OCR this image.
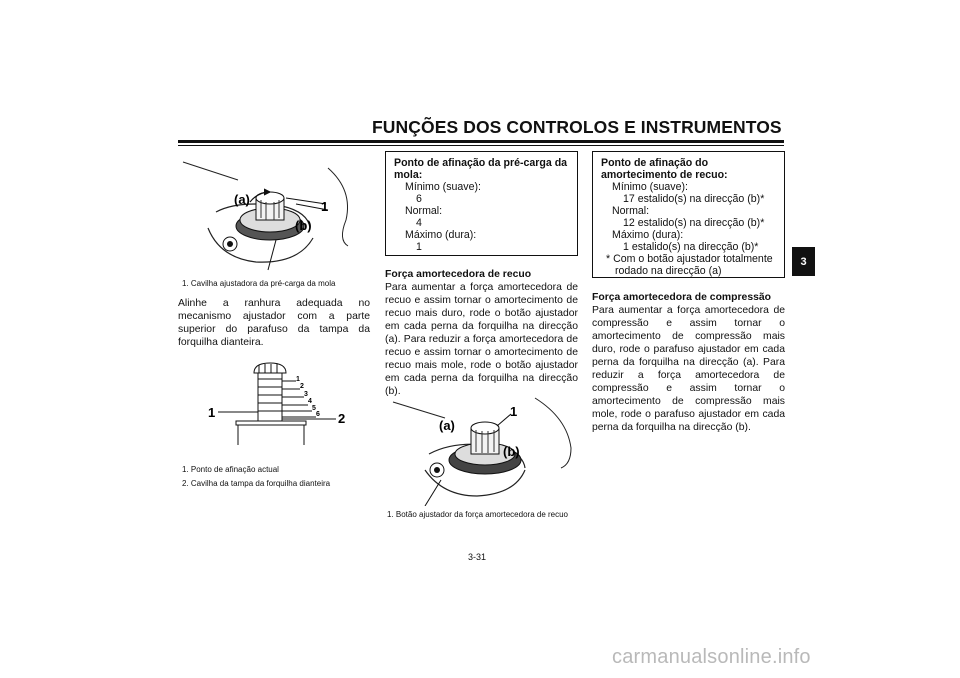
FUNÇÕES DOS CONTROLOS E INSTRUMENTOS
3
(a)	1
(b)
1. Cavilha ajustadora da pré-carga da mola
Alinhe a ranhura adequada no mecanismo ajustador com a parte superior do parafuso da tampa da forquilha dianteira.
1
2
3
4
5
6
1	2
1. Ponto de afinação actual
2. Cavilha da tampa da forquilha dianteira
Ponto de afinação da pré-carga da mola:
Mínimo (suave):
6
Normal:
4
Máximo (dura):
1
Força amortecedora de recuo
Para aumentar a força amortecedora de recuo e assim tornar o amortecimento de recuo mais duro, rode o botão ajustador em cada perna da forquilha na direcção (a). Para reduzir a força amortecedora de recuo e assim tornar o amortecimento de recuo mais mole, rode o botão ajustador em cada perna da forquilha na direcção (b).
1
(a)
(b)
1. Botão ajustador da força amortecedora de recuo
Ponto de afinação do amortecimento de recuo:
Mínimo (suave):
17 estalido(s) na direcção (b)*
Normal:
12 estalido(s) na direcção (b)*
Máximo (dura):
1 estalido(s) na direcção (b)*
* Com o botão ajustador totalmente rodado na direcção (a)
Força amortecedora de compressão
Para aumentar a força amortecedora de compressão e assim tornar o amortecimento de compressão mais duro, rode o parafuso ajustador em cada perna da forquilha na direcção (a). Para reduzir a força amortecedora de compressão e assim tornar o amortecimento de compressão mais mole, rode o parafuso ajustador em cada perna da forquilha na direcção (b).
3-31
carmanualsonline.info
